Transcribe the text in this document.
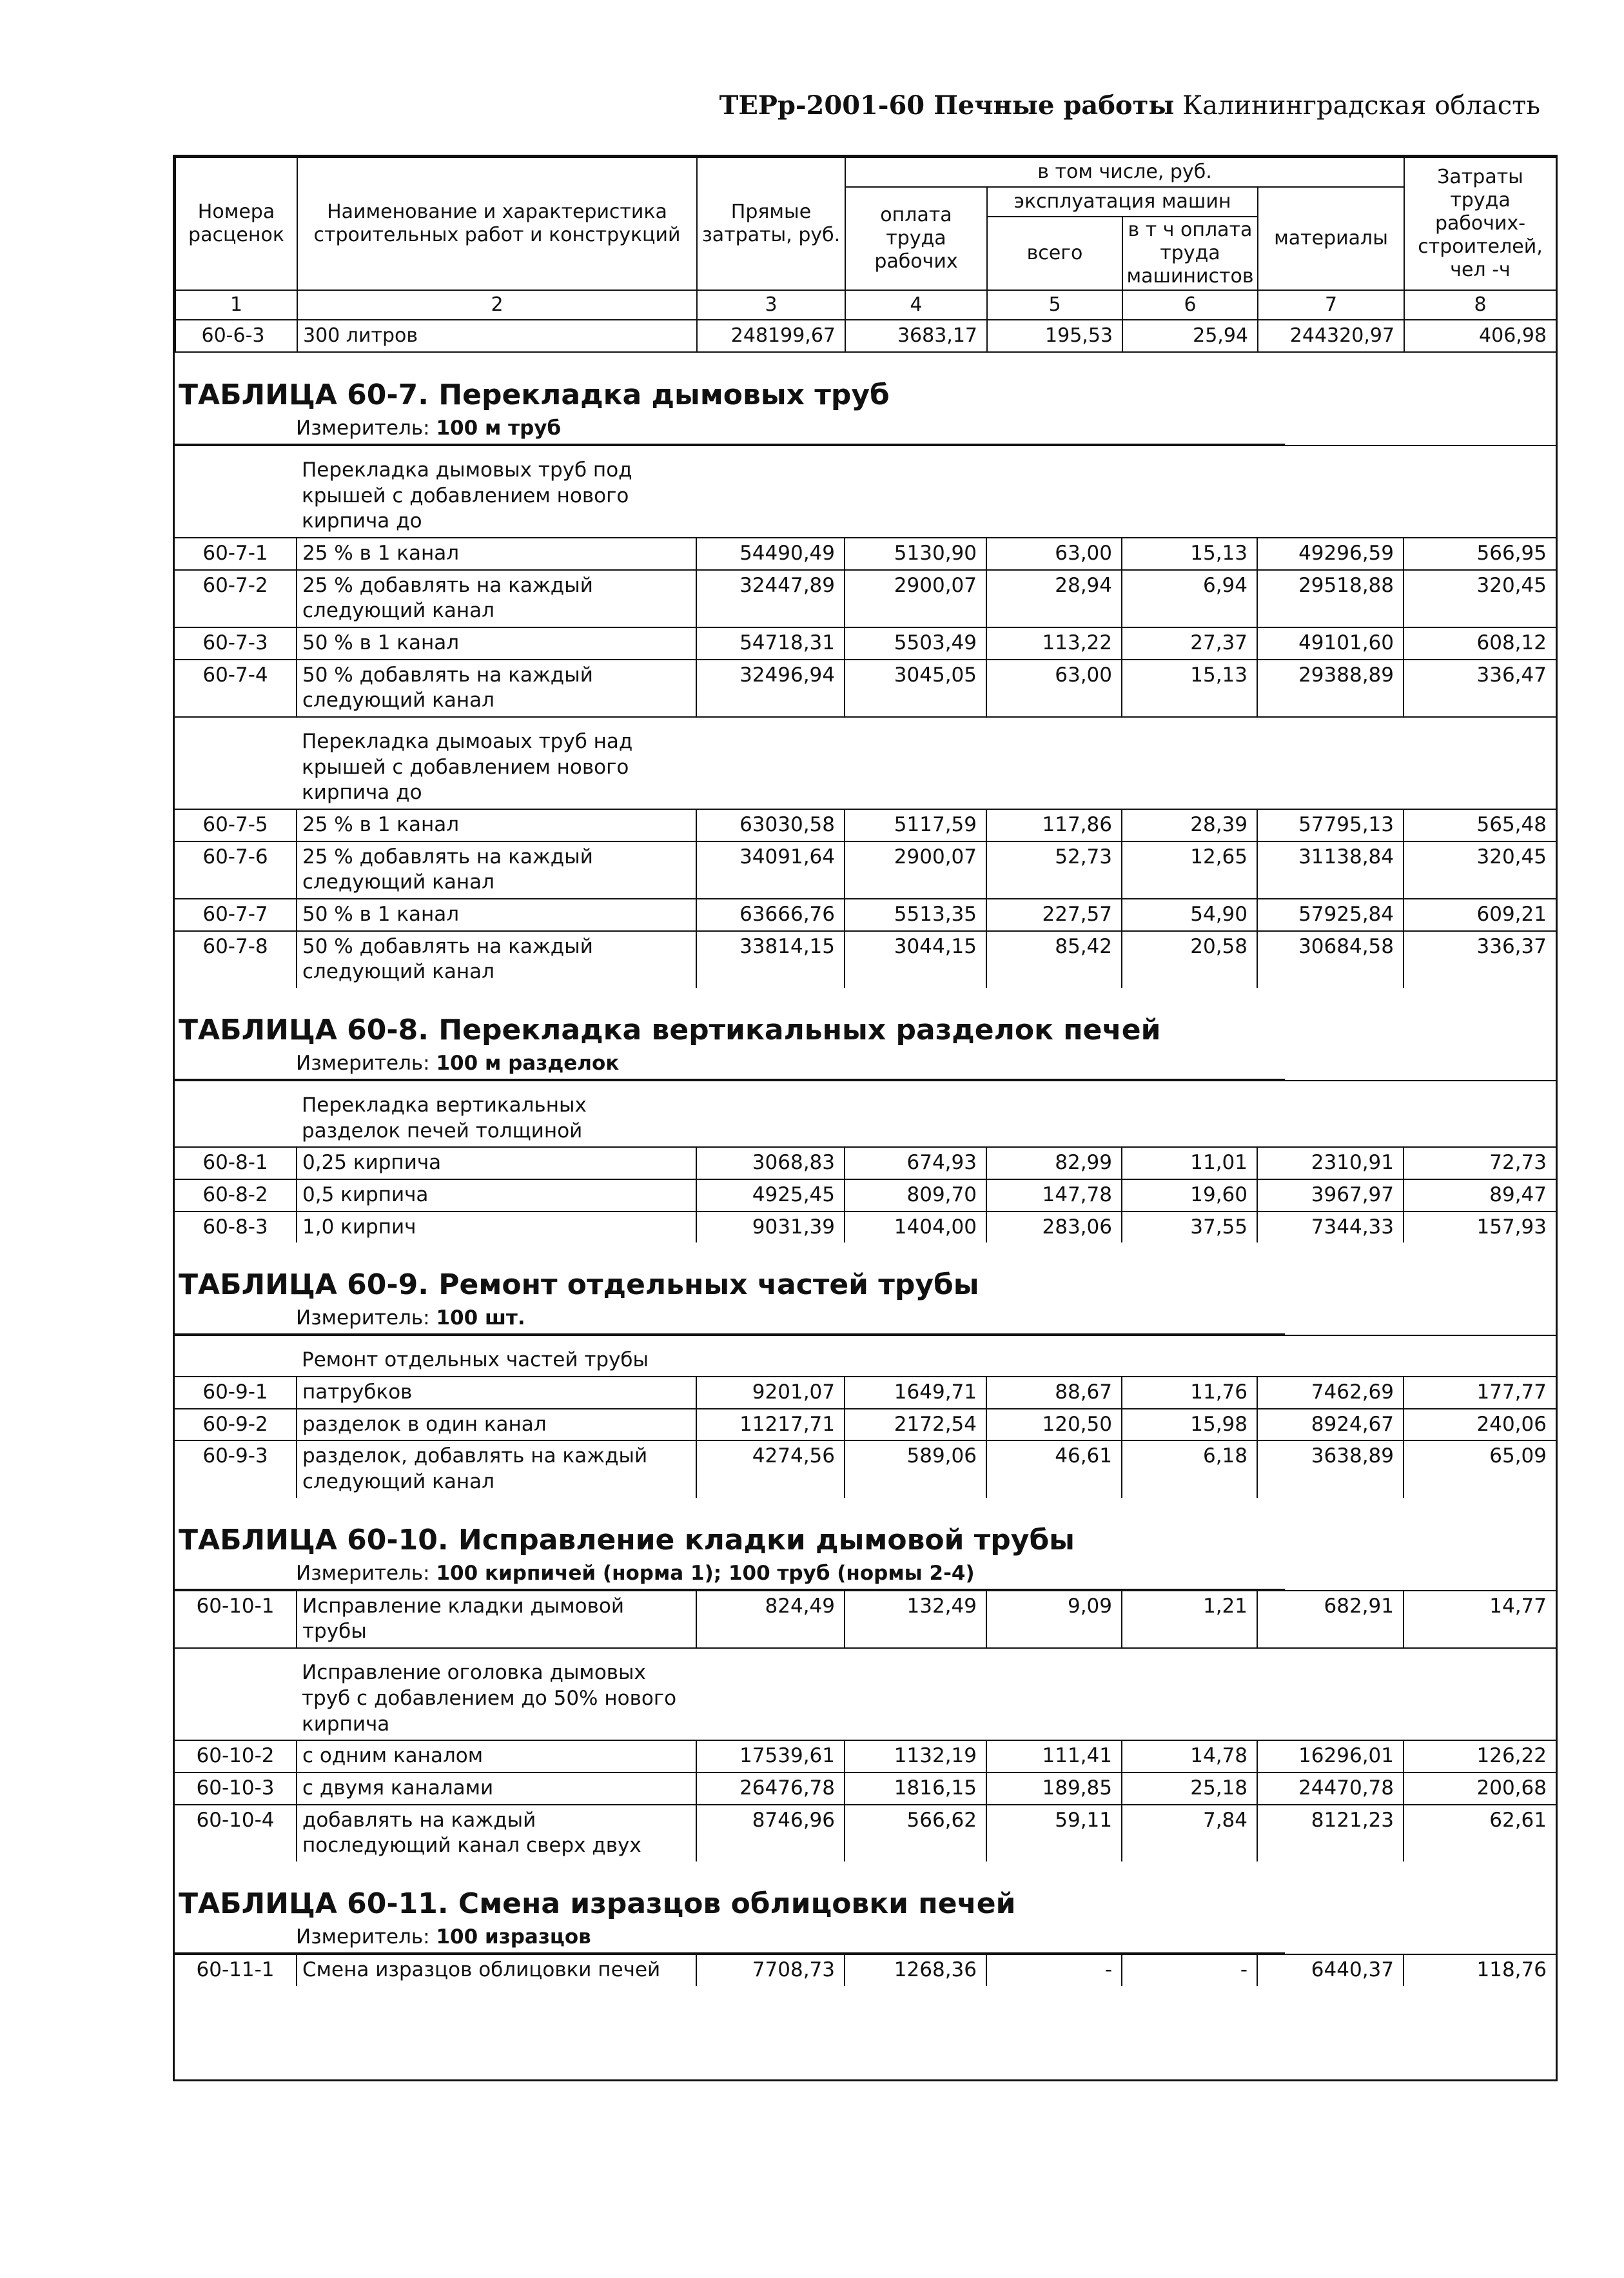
ТЕРр-2001-60 Печные работы Калининградская область
Номера расценок	Наименование и характеристика строительных работ и конструкций	Прямые затраты, руб.	в том числе, руб.				Затраты труда рабочих-строителей, чел -ч
			оплата труда рабочих	эксплуатация машин		материалы	
				всего	в т ч оплата труда машинистов		
1	2	3	4	5	6	7	8
60-6-3	300 литров	248199,67	3683,17	195,53	25,94	244320,97	406,98
ТАБЛИЦА 60-7. Перекладка дымовых труб
Измеритель: 100 м труб
	Перекладка дымовых труб под крышей с добавлением нового кирпича до						
60-7-1	25 % в 1 канал	54490,49	5130,90	63,00	15,13	49296,59	566,95
60-7-2	25 % добавлять на каждый следующий канал	32447,89	2900,07	28,94	6,94	29518,88	320,45
60-7-3	50 % в 1 канал	54718,31	5503,49	113,22	27,37	49101,60	608,12
60-7-4	50 % добавлять на каждый следующий канал	32496,94	3045,05	63,00	15,13	29388,89	336,47
	Перекладка дымоаых труб над крышей с добавлением нового кирпича до						
60-7-5	25 % в 1 канал	63030,58	5117,59	117,86	28,39	57795,13	565,48
60-7-6	25 % добавлять на каждый следующий канал	34091,64	2900,07	52,73	12,65	31138,84	320,45
60-7-7	50 % в 1 канал	63666,76	5513,35	227,57	54,90	57925,84	609,21
60-7-8	50 % добавлять на каждый следующий канал	33814,15	3044,15	85,42	20,58	30684,58	336,37
ТАБЛИЦА 60-8. Перекладка вертикальных разделок печей
Измеритель: 100 м разделок
	Перекладка вертикальных разделок печей толщиной						
60-8-1	0,25 кирпича	3068,83	674,93	82,99	11,01	2310,91	72,73
60-8-2	0,5 кирпича	4925,45	809,70	147,78	19,60	3967,97	89,47
60-8-3	1,0 кирпич	9031,39	1404,00	283,06	37,55	7344,33	157,93
ТАБЛИЦА 60-9. Ремонт отдельных частей трубы
Измеритель: 100 шт.
	Ремонт отдельных частей трубы						
60-9-1	патрубков	9201,07	1649,71	88,67	11,76	7462,69	177,77
60-9-2	разделок в один канал	11217,71	2172,54	120,50	15,98	8924,67	240,06
60-9-3	разделок, добавлять на каждый следующий канал	4274,56	589,06	46,61	6,18	3638,89	65,09
ТАБЛИЦА 60-10. Исправление кладки дымовой трубы
Измеритель: 100 кирпичей (норма 1); 100 труб (нормы 2-4)
60-10-1	Исправление кладки дымовой трубы	824,49	132,49	9,09	1,21	682,91	14,77
	Исправление оголовка дымовых труб с добавлением до 50% нового кирпича						
60-10-2	с одним каналом	17539,61	1132,19	111,41	14,78	16296,01	126,22
60-10-3	с двумя каналами	26476,78	1816,15	189,85	25,18	24470,78	200,68
60-10-4	добавлять на каждый последующий канал сверх двух	8746,96	566,62	59,11	7,84	8121,23	62,61
ТАБЛИЦА 60-11. Смена изразцов облицовки печей
Измеритель: 100 изразцов
60-11-1	Смена изразцов облицовки печей	7708,73	1268,36	-	-	6440,37	118,76
